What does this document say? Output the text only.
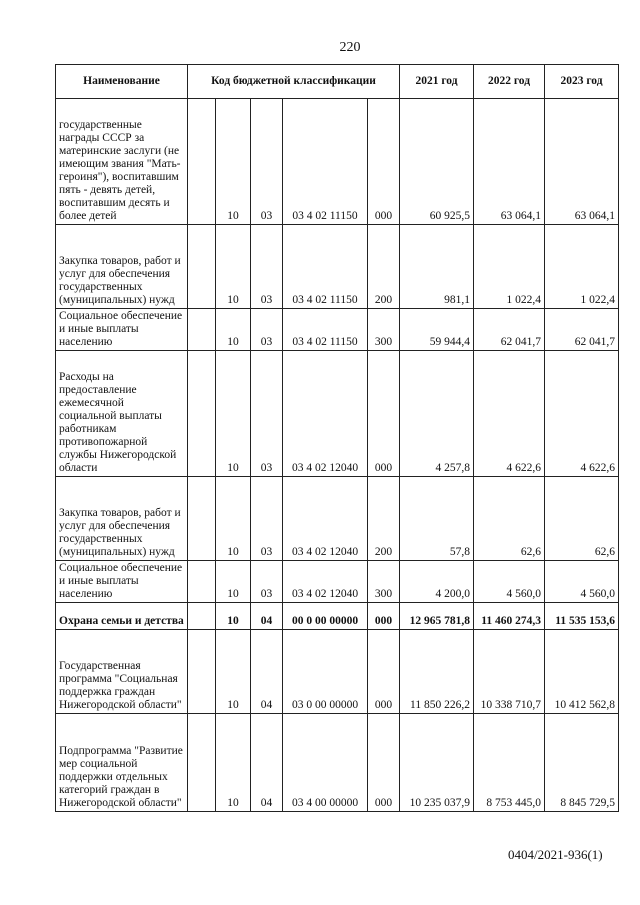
220
Наименование	Код бюджетной классификации					2021 год	2022 год	2023 год
государственные награды СССР за материнские заслуги (не имеющим звания "Мать-героиня"), воспитавшим пять - девять детей, воспитавшим десять и более детей		10	03	03 4 02 11150	000	60 925,5	63 064,1	63 064,1
Закупка товаров, работ и услуг для обеспечения государственных (муниципальных) нужд		10	03	03 4 02 11150	200	981,1	1 022,4	1 022,4
Социальное обеспечение и иные выплаты населению		10	03	03 4 02 11150	300	59 944,4	62 041,7	62 041,7
Расходы на предоставление ежемесячной социальной выплаты работникам противопожарной службы Нижегородской области		10	03	03 4 02 12040	000	4 257,8	4 622,6	4 622,6
Закупка товаров, работ и услуг для обеспечения государственных (муниципальных) нужд		10	03	03 4 02 12040	200	57,8	62,6	62,6
Социальное обеспечение и иные выплаты населению		10	03	03 4 02 12040	300	4 200,0	4 560,0	4 560,0
Охрана семьи и детства		10	04	00 0 00 00000	000	12 965 781,8	11 460 274,3	11 535 153,6
Государственная программа "Социальная поддержка граждан Нижегородской области"		10	04	03 0 00 00000	000	11 850 226,2	10 338 710,7	10 412 562,8
Подпрограмма "Развитие мер социальной поддержки отдельных категорий граждан в Нижегородской области"		10	04	03 4 00 00000	000	10 235 037,9	8 753 445,0	8 845 729,5
0404/2021-936(1)
